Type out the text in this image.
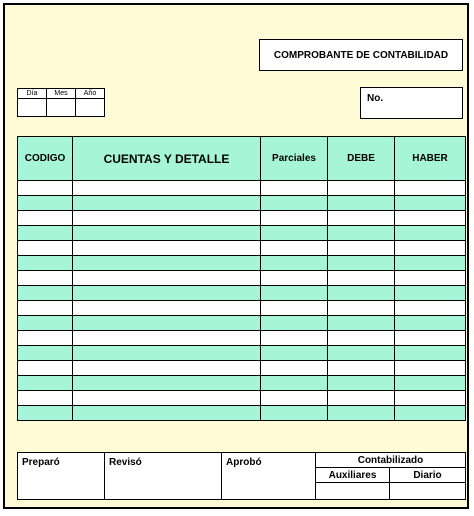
COMPROBANTE DE CONTABILIDAD
Día	Mes	Año
			No.
CODIGO	CUENTAS Y DETALLE	Parciales	DEBE	HABER

Preparó	Revisó	Aprobó	Contabilizado	
			Auxiliares	Diario
